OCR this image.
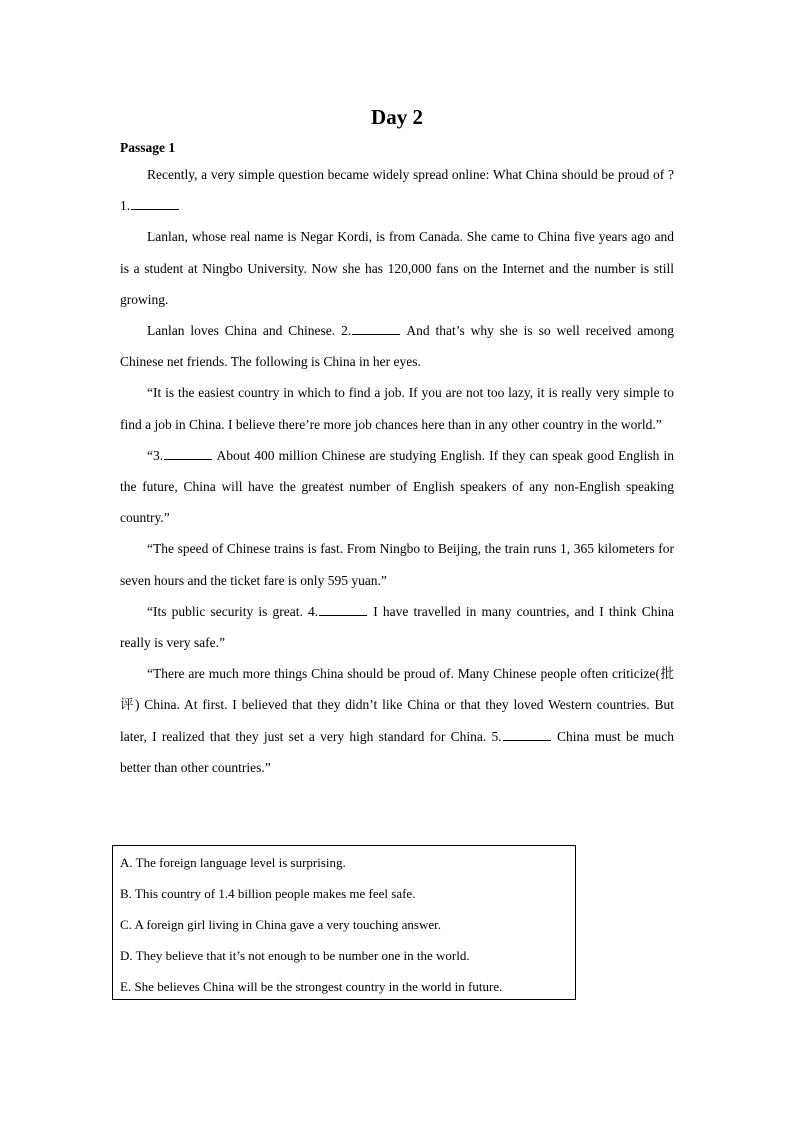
Day 2
Passage 1

Recently, a very simple question became widely spread online: What China should be proud of ? 1.

Lanlan, whose real name is Negar Kordi, is from Canada. She came to China five years ago and is a student at Ningbo University. Now she has 120,000 fans on the Internet and the number is still growing.

Lanlan loves China and Chinese. 2.	And that’s why she is so well received among Chinese net friends. The following is China in her eyes.

“It is the easiest country in which to find a job. If you are not too lazy, it is really very simple to find a job in China. I believe there’re more job chances here than in any other country in the world.”

“3.	About 400 million Chinese are studying English. If they can speak good English in the future, China will have the greatest number of English speakers of any non-English speaking country.”

“The speed of Chinese trains is fast. From Ningbo to Beijing, the train runs 1, 365 kilometers for seven hours and the ticket fare is only 595 yuan.”

“Its public security is great. 4.	I have travelled in many countries, and I think China really is very safe.”

“There are much more things China should be proud of. Many Chinese people often criticize(批评) China. At first. I believed that they didn’t like China or that they loved Western countries. But later, I realized that they just set a very high standard for China. 5.	China must be much better than other countries.”

A. The foreign language level is surprising.

B. This country of 1.4 billion people makes me feel safe.

C. A foreign girl living in China gave a very touching answer.

D. They believe that it’s not enough to be number one in the world.

E. She believes China will be the strongest country in the world in future.
